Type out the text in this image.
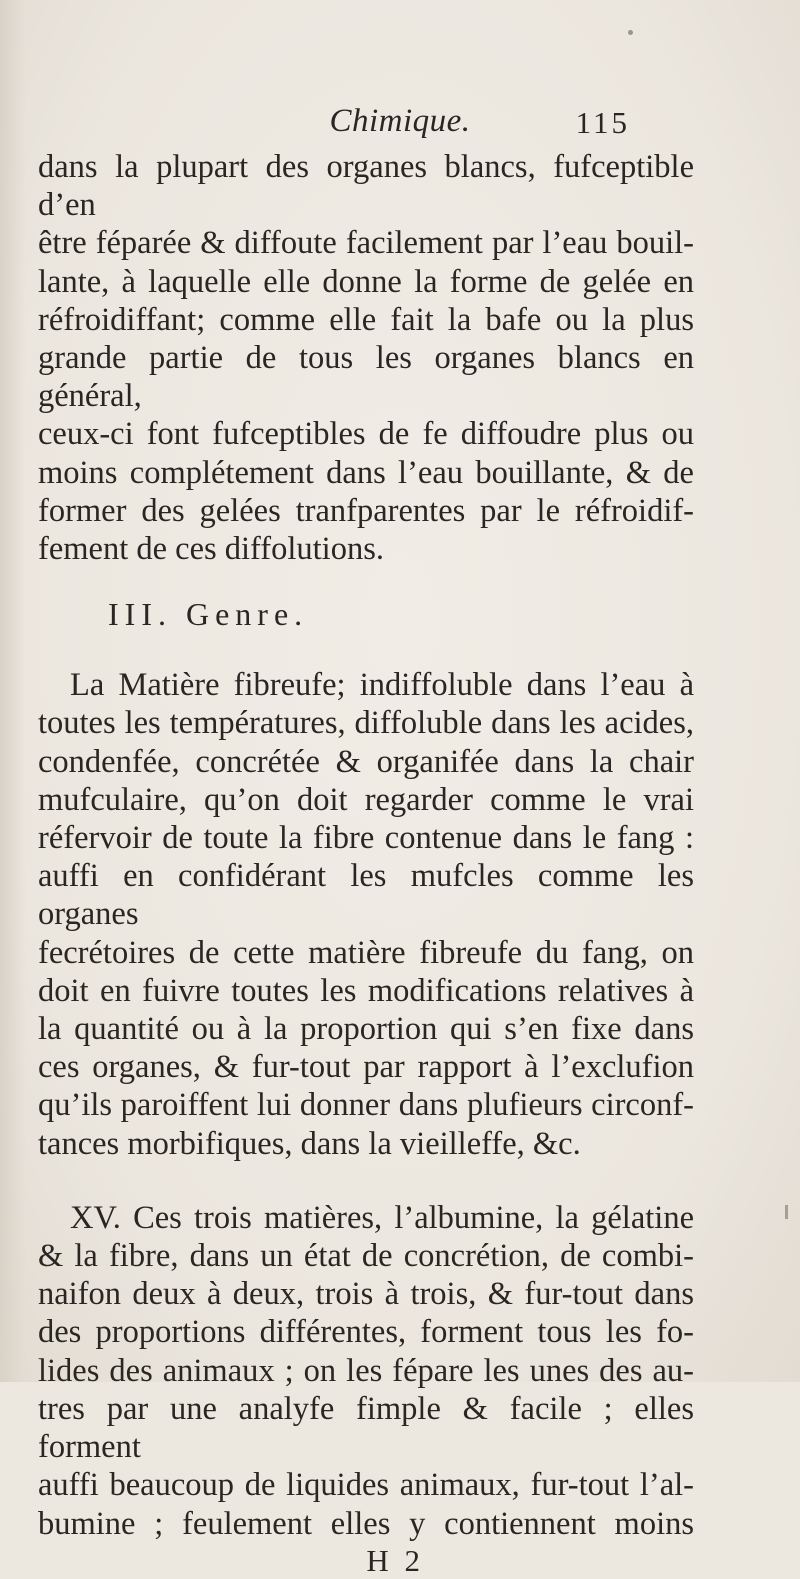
Chimique.	115

dans la plupart des organes blancs, fufceptible d’en

être féparée & diffoute facilement par l’eau bouil-

lante, à laquelle elle donne la forme de gelée en

réfroidiffant; comme elle fait la bafe ou la plus

grande partie de tous les organes blancs en général,

ceux-ci font fufceptibles de fe diffoudre plus ou

moins complétement dans l’eau bouillante, & de

former des gelées tranfparentes par le réfroidif-

fement de ces diffolutions.

III. Genre.

La Matière fibreufe; indiffoluble dans l’eau à

toutes les températures, diffoluble dans les acides,

condenfée, concrétée & organifée dans la chair

mufculaire, qu’on doit regarder comme le vrai

réfervoir de toute la fibre contenue dans le fang :

auffi en confidérant les mufcles comme les organes

fecrétoires de cette matière fibreufe du fang, on

doit en fuivre toutes les modifications relatives à

la quantité ou à la proportion qui s’en fixe dans

ces organes, & fur-tout par rapport à l’exclufion

qu’ils paroiffent lui donner dans plufieurs circonf-

tances morbifiques, dans la vieilleffe, &c.

XV. Ces trois matières, l’albumine, la gélatine

& la fibre, dans un état de concrétion, de combi-

naifon deux à deux, trois à trois, & fur-tout dans

des proportions différentes, forment tous les fo-

lides des animaux ; on les fépare les unes des au-

tres par une analyfe fimple & facile ; elles forment

auffi beaucoup de liquides animaux, fur-tout l’al-

bumine ; feulement elles y contiennent moins

H 2
